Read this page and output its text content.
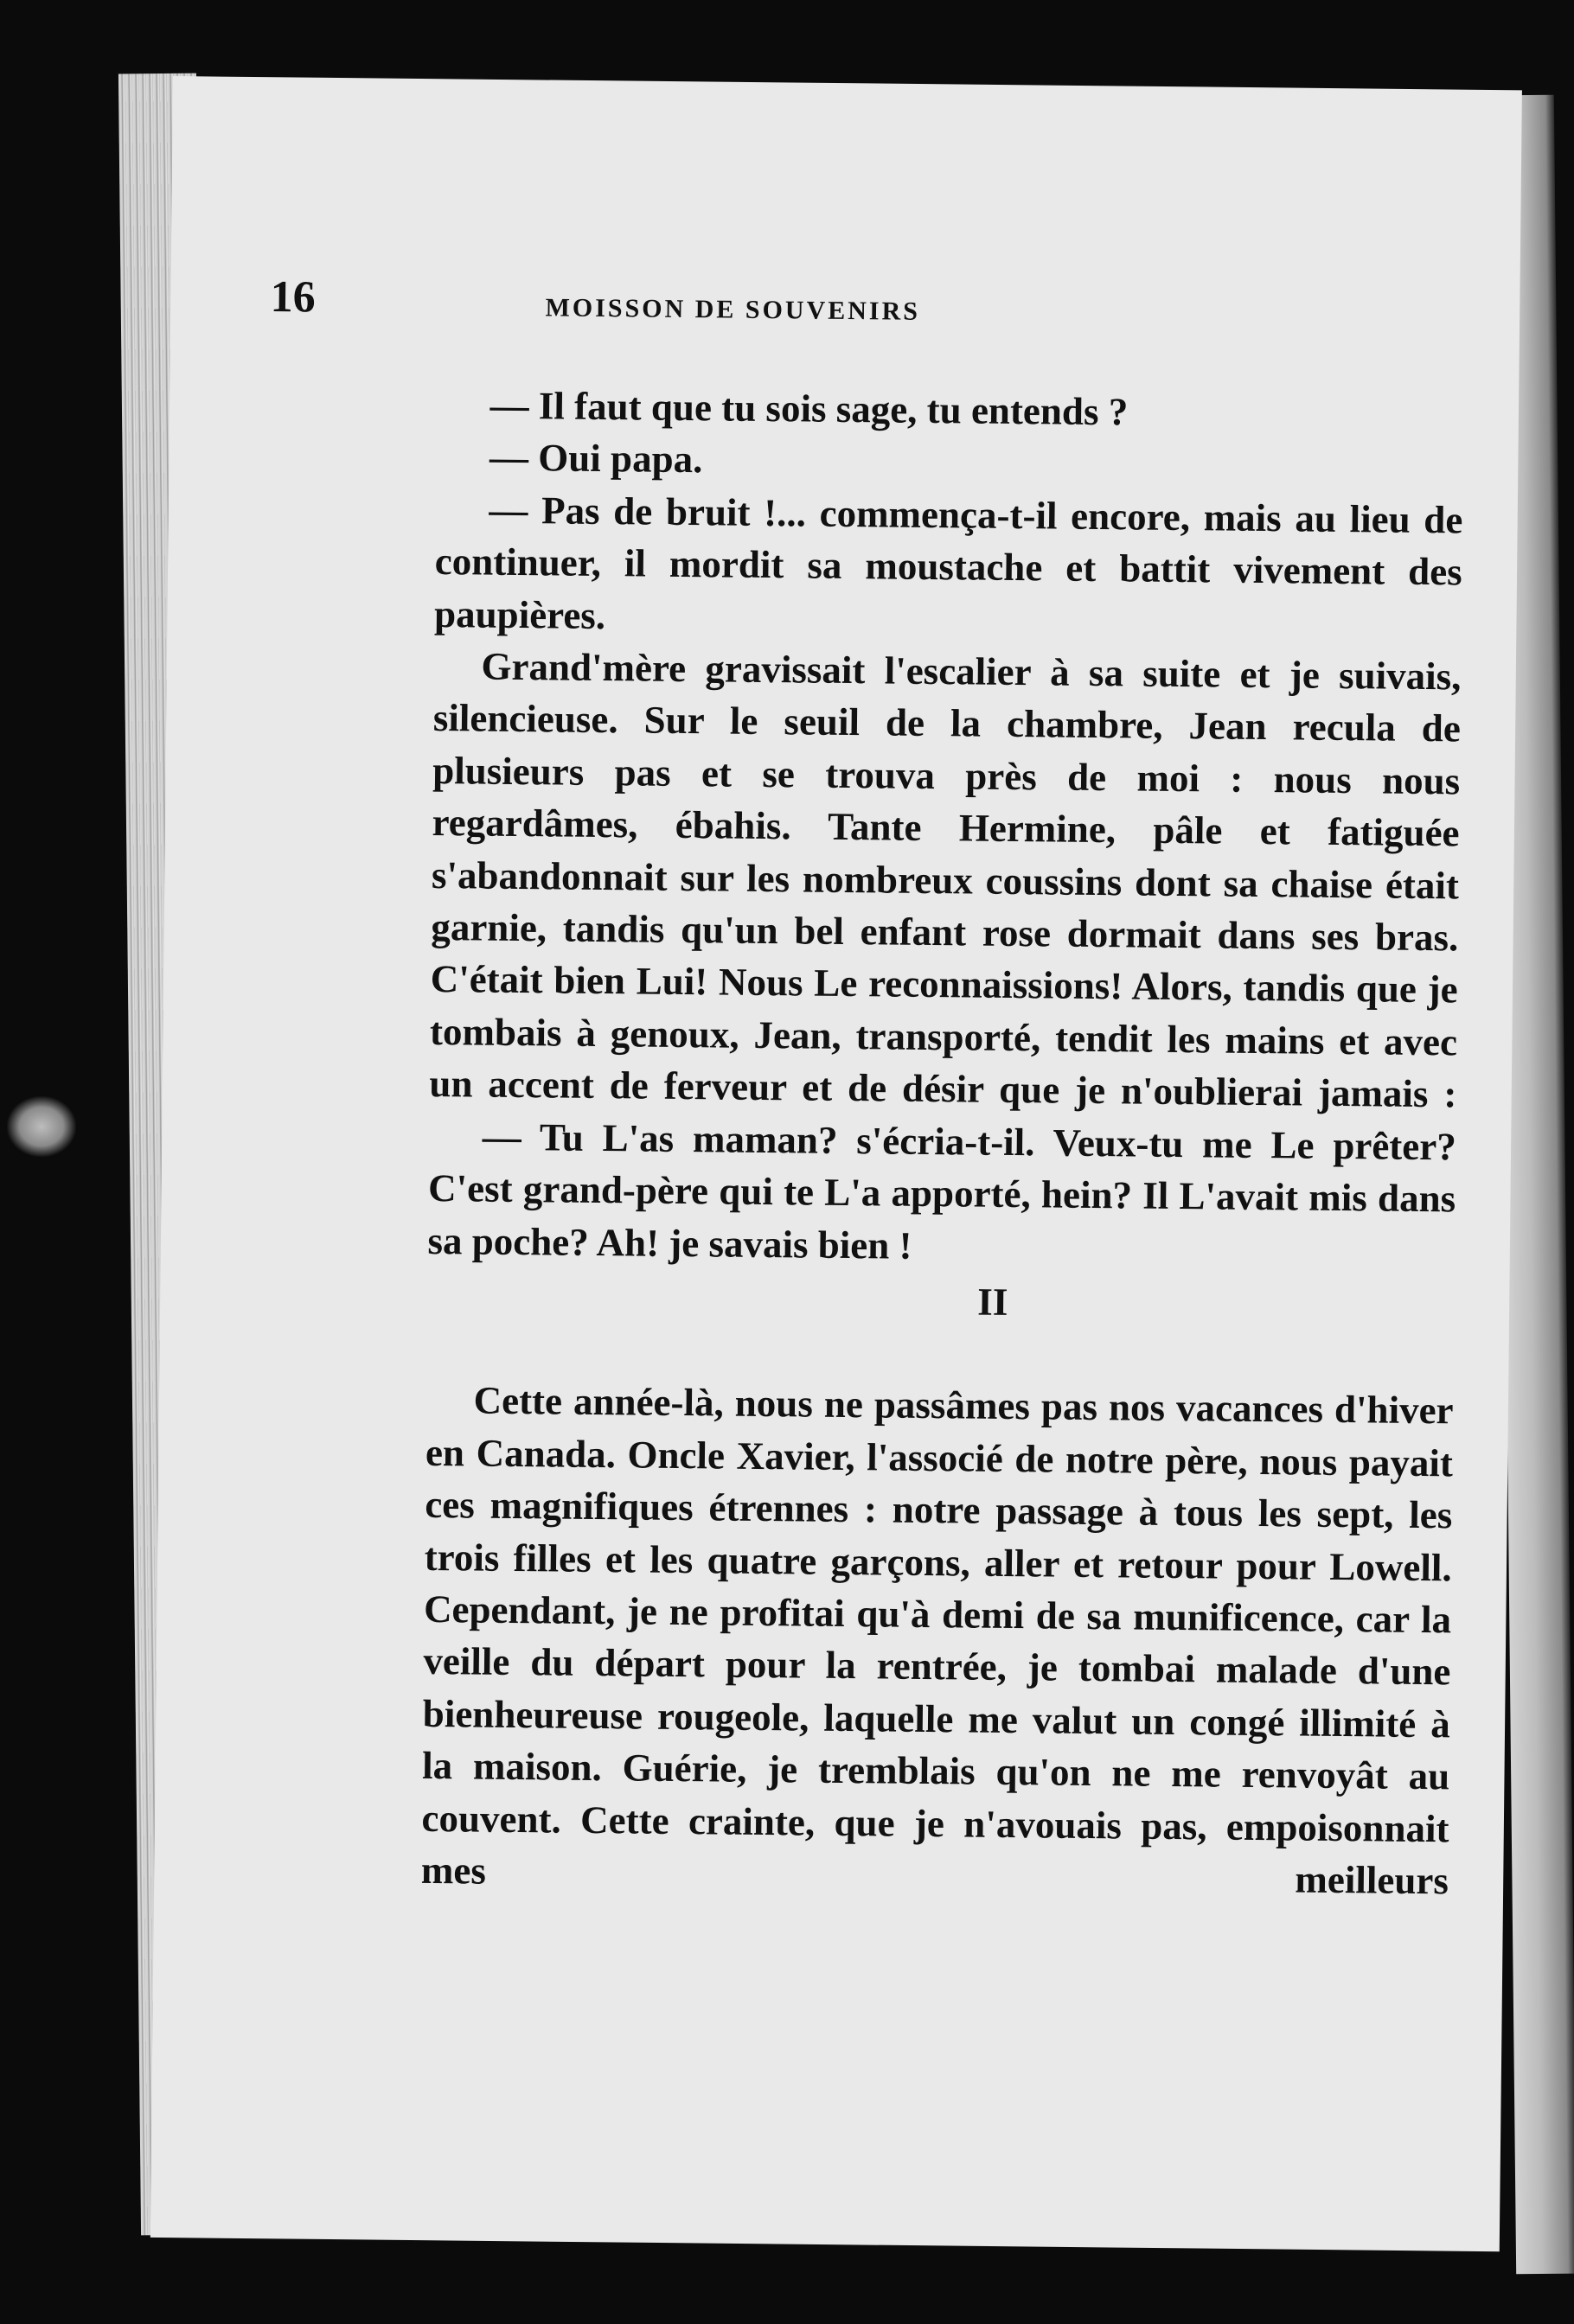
16	MOISSON DE SOUVENIRS

— Il faut que tu sois sage, tu entends ?

— Oui papa.

— Pas de bruit !... commença-t-il encore, mais au lieu de continuer, il mordit sa moustache et battit vivement des paupières.

Grand'mère gravissait l'escalier à sa suite et je suivais, silencieuse. Sur le seuil de la chambre, Jean recula de plusieurs pas et se trouva près de moi : nous nous regardâmes, ébahis. Tante Hermine, pâle et fatiguée s'abandonnait sur les nombreux coussins dont sa chaise était garnie, tandis qu'un bel enfant rose dormait dans ses bras. C'était bien Lui! Nous Le reconnaissions! Alors, tandis que je tombais à genoux, Jean, transporté, tendit les mains et avec un accent de ferveur et de désir que je n'oublierai jamais :

— Tu L'as maman? s'écria-t-il. Veux-tu me Le prêter? C'est grand-père qui te L'a apporté, hein? Il L'avait mis dans sa poche? Ah! je savais bien !

II

Cette année-là, nous ne passâmes pas nos vacances d'hiver en Canada. Oncle Xavier, l'associé de notre père, nous payait ces magnifiques étrennes : notre passage à tous les sept, les trois filles et les quatre garçons, aller et retour pour Lowell. Cependant, je ne profitai qu'à demi de sa munificence, car la veille du départ pour la rentrée, je tombai malade d'une bienheureuse rougeole, laquelle me valut un congé illimité à la maison. Guérie, je tremblais qu'on ne me renvoyât au couvent. Cette crainte, que je n'avouais pas, empoisonnait mes meilleurs
